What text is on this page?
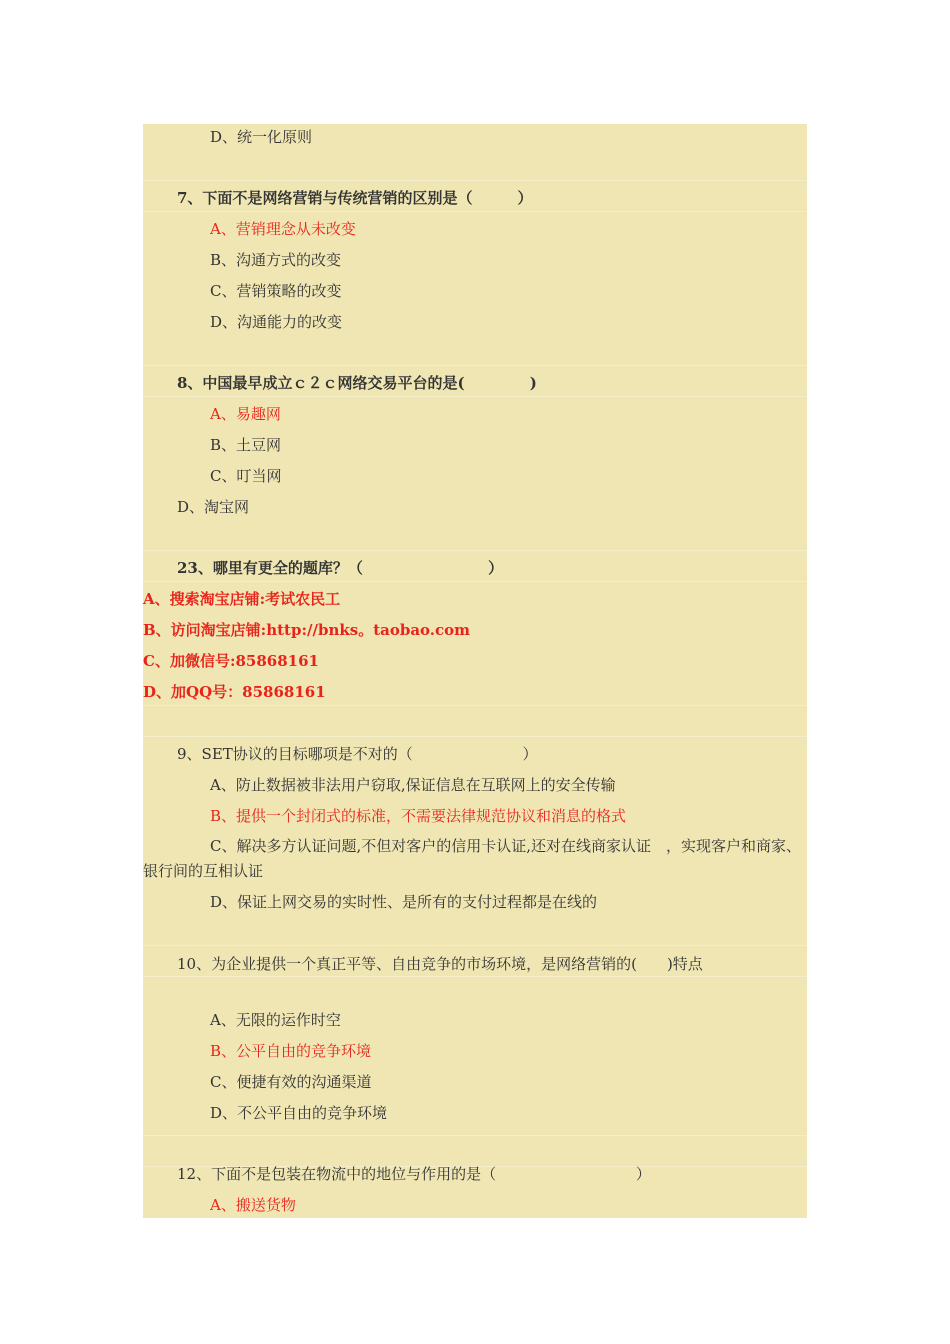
D、统一化原则
7、下面不是网络营销与传统营销的区别是（　　　）
A、营销理念从未改变
B、沟通方式的改变
C、营销策略的改变
D、沟通能力的改变
8、中国最早成立ｃ２ｃ网络交易平台的是(　　　　 )
A、易趣网
B、土豆网
C、叮当网
D、淘宝网
23、哪里有更全的题库？（　　　　　　　　 ）
A、搜索淘宝店铺:考试农民工
B、访问淘宝店铺:http://bnks。taobao.com
C、加微信号:85868161
D、加QQ号：85868161
9、SET协议的目标哪项是不对的（　　　　　　　 ）
A、防止数据被非法用户窃取,保证信息在互联网上的安全传输
B、提供一个封闭式的标准，不需要法律规范协议和消息的格式
C、解决多方认证问题,不但对客户的信用卡认证,还对在线商家认证　，实现客户和商家、银行间的互相认证
D、保证上网交易的实时性、是所有的支付过程都是在线的
10、为企业提供一个真正平等、自由竞争的市场环境，是网络营销的(　　)特点
A、无限的运作时空
B、公平自由的竞争环境
C、便捷有效的沟通渠道
D、不公平自由的竞争环境
12、下面不是包装在物流中的地位与作用的是（　　　　　　　　　 ）
A、搬送货物
